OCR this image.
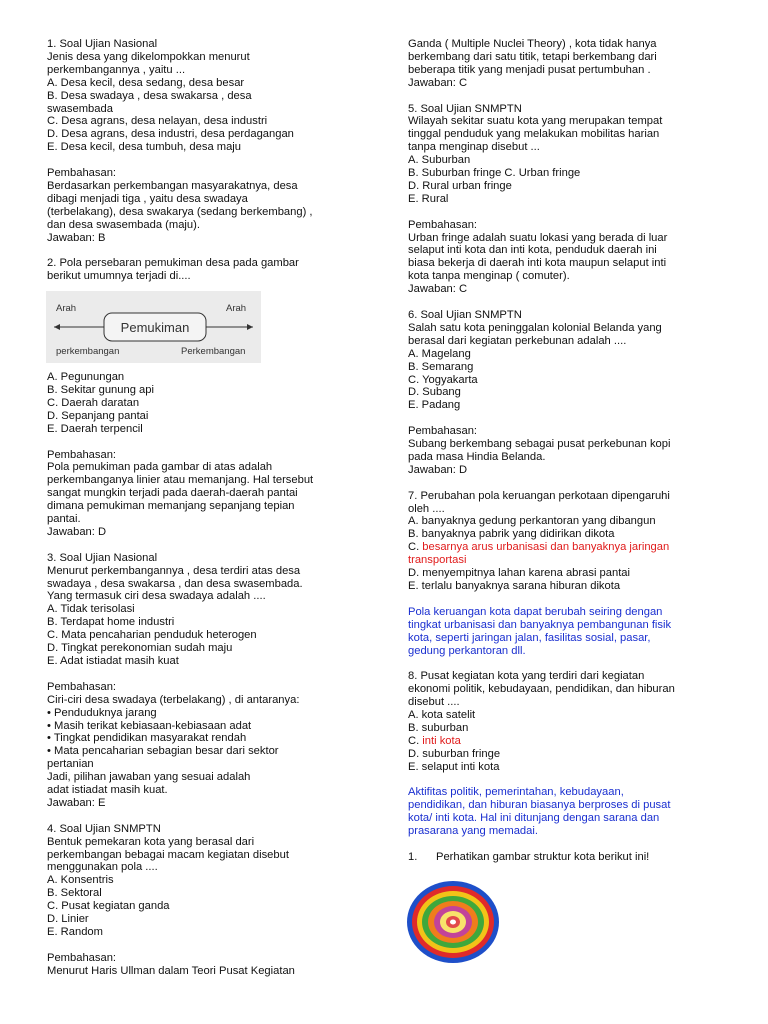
1. Soal Ujian Nasional
Jenis desa yang dikelompokkan menurut
perkembangannya , yaitu ...
A. Desa kecil, desa sedang, desa besar
B. Desa swadaya , desa swakarsa , desa
swasembada
C. Desa agrans, desa nelayan, desa industri
D. Desa agrans, desa industri, desa perdagangan
E. Desa kecil, desa tumbuh, desa maju
Pembahasan:
Berdasarkan perkembangan masyarakatnya, desa
dibagi menjadi tiga , yaitu desa swadaya
(terbelakang), desa swakarya (sedang berkembang) ,
dan desa swasembada (maju).
Jawaban: B
2. Pola persebaran pemukiman desa pada gambar
berikut umumnya terjadi di....
Arah	Arah
Pemukiman
perkembangan	Perkembangan
A. Pegunungan
B. Sekitar gunung api
C. Daerah daratan
D. Sepanjang pantai
E. Daerah terpencil
Pembahasan:
Pola pemukiman pada gambar di atas adalah
perkembanganya linier atau memanjang. Hal tersebut
sangat mungkin terjadi pada daerah-daerah pantai
dimana pemukiman memanjang sepanjang tepian
pantai.
Jawaban: D
3. Soal Ujian Nasional
Menurut perkembangannya , desa terdiri atas desa
swadaya , desa swakarsa , dan desa swasembada.
Yang termasuk ciri desa swadaya adalah ....
A. Tidak terisolasi
B. Terdapat home industri
C. Mata pencaharian penduduk heterogen
D. Tingkat perekonomian sudah maju
E. Adat istiadat masih kuat
Pembahasan:
Ciri-ciri desa swadaya (terbelakang) , di antaranya:
• Penduduknya jarang
• Masih terikat kebiasaan-kebiasaan adat
• Tingkat pendidikan masyarakat rendah
• Mata pencaharian sebagian besar dari sektor
pertanian
Jadi, pilihan jawaban yang sesuai adalah
adat istiadat masih kuat.
Jawaban: E
4. Soal Ujian SNMPTN
Bentuk pemekaran kota yang berasal dari
perkembangan bebagai macam kegiatan disebut
menggunakan pola ....
A. Konsentris
B. Sektoral
C. Pusat kegiatan ganda
D. Linier
E. Random
Pembahasan:
Menurut Haris Ullman dalam Teori Pusat Kegiatan
Ganda ( Multiple Nuclei Theory) , kota tidak hanya
berkembang dari satu titik, tetapi berkembang dari
beberapa titik yang menjadi pusat pertumbuhan .
Jawaban: C
5. Soal Ujian SNMPTN
Wilayah sekitar suatu kota yang merupakan tempat
tinggal penduduk yang melakukan mobilitas harian
tanpa menginap disebut ...
A. Suburban
B. Suburban fringe C. Urban fringe
D. Rural urban fringe
E. Rural
Pembahasan:
Urban fringe adalah suatu lokasi yang berada di luar
selaput inti kota dan inti kota, penduduk daerah ini
biasa bekerja di daerah inti kota maupun selaput inti
kota tanpa menginap ( comuter).
Jawaban: C
6. Soal Ujian SNMPTN
Salah satu kota peninggalan kolonial Belanda yang
berasal dari kegiatan perkebunan adalah ....
A. Magelang
B. Semarang
C. Yogyakarta
D. Subang
E. Padang
Pembahasan:
Subang berkembang sebagai pusat perkebunan kopi
pada masa Hindia Belanda.
Jawaban: D
7. Perubahan pola keruangan perkotaan dipengaruhi
oleh ....
A. banyaknya gedung perkantoran yang dibangun
B. banyaknya pabrik yang didirikan dikota
C. besarnya arus urbanisasi dan banyaknya jaringan
transportasi
D. menyempitnya lahan karena abrasi pantai
E. terlalu banyaknya sarana hiburan dikota
Pola keruangan kota dapat berubah seiring dengan
tingkat urbanisasi dan banyaknya pembangunan fisik
kota, seperti jaringan jalan, fasilitas sosial, pasar,
gedung perkantoran dll.
8. Pusat kegiatan kota yang terdiri dari kegiatan
ekonomi politik, kebudayaan, pendidikan, dan hiburan
disebut ....
A. kota satelit
B. suburban
C. inti kota
D. suburban fringe
E. selaput inti kota
Aktifitas politik, pemerintahan, kebudayaan,
pendidikan, dan hiburan biasanya berproses di pusat
kota/ inti kota. Hal ini ditunjang dengan sarana dan
prasarana yang memadai.
1.	Perhatikan gambar struktur kota berikut ini!
